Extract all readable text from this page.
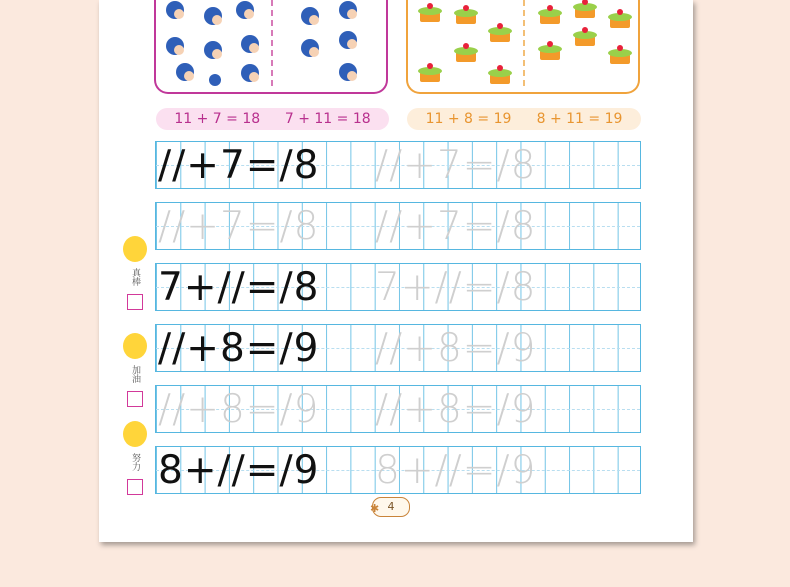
11 + 7 = 18 7 + 11 = 18	11 + 8 = 19 8 + 11 = 19
//+7=/8 //+7=/8
//+7=/8 //+7=/8
7+//=/8 7+//=/8
//+8=/9 //+8=/9
//+8=/9 //+8=/9
8+//=/9 8+//=/9
真棒
加油
努力
✱ 4
